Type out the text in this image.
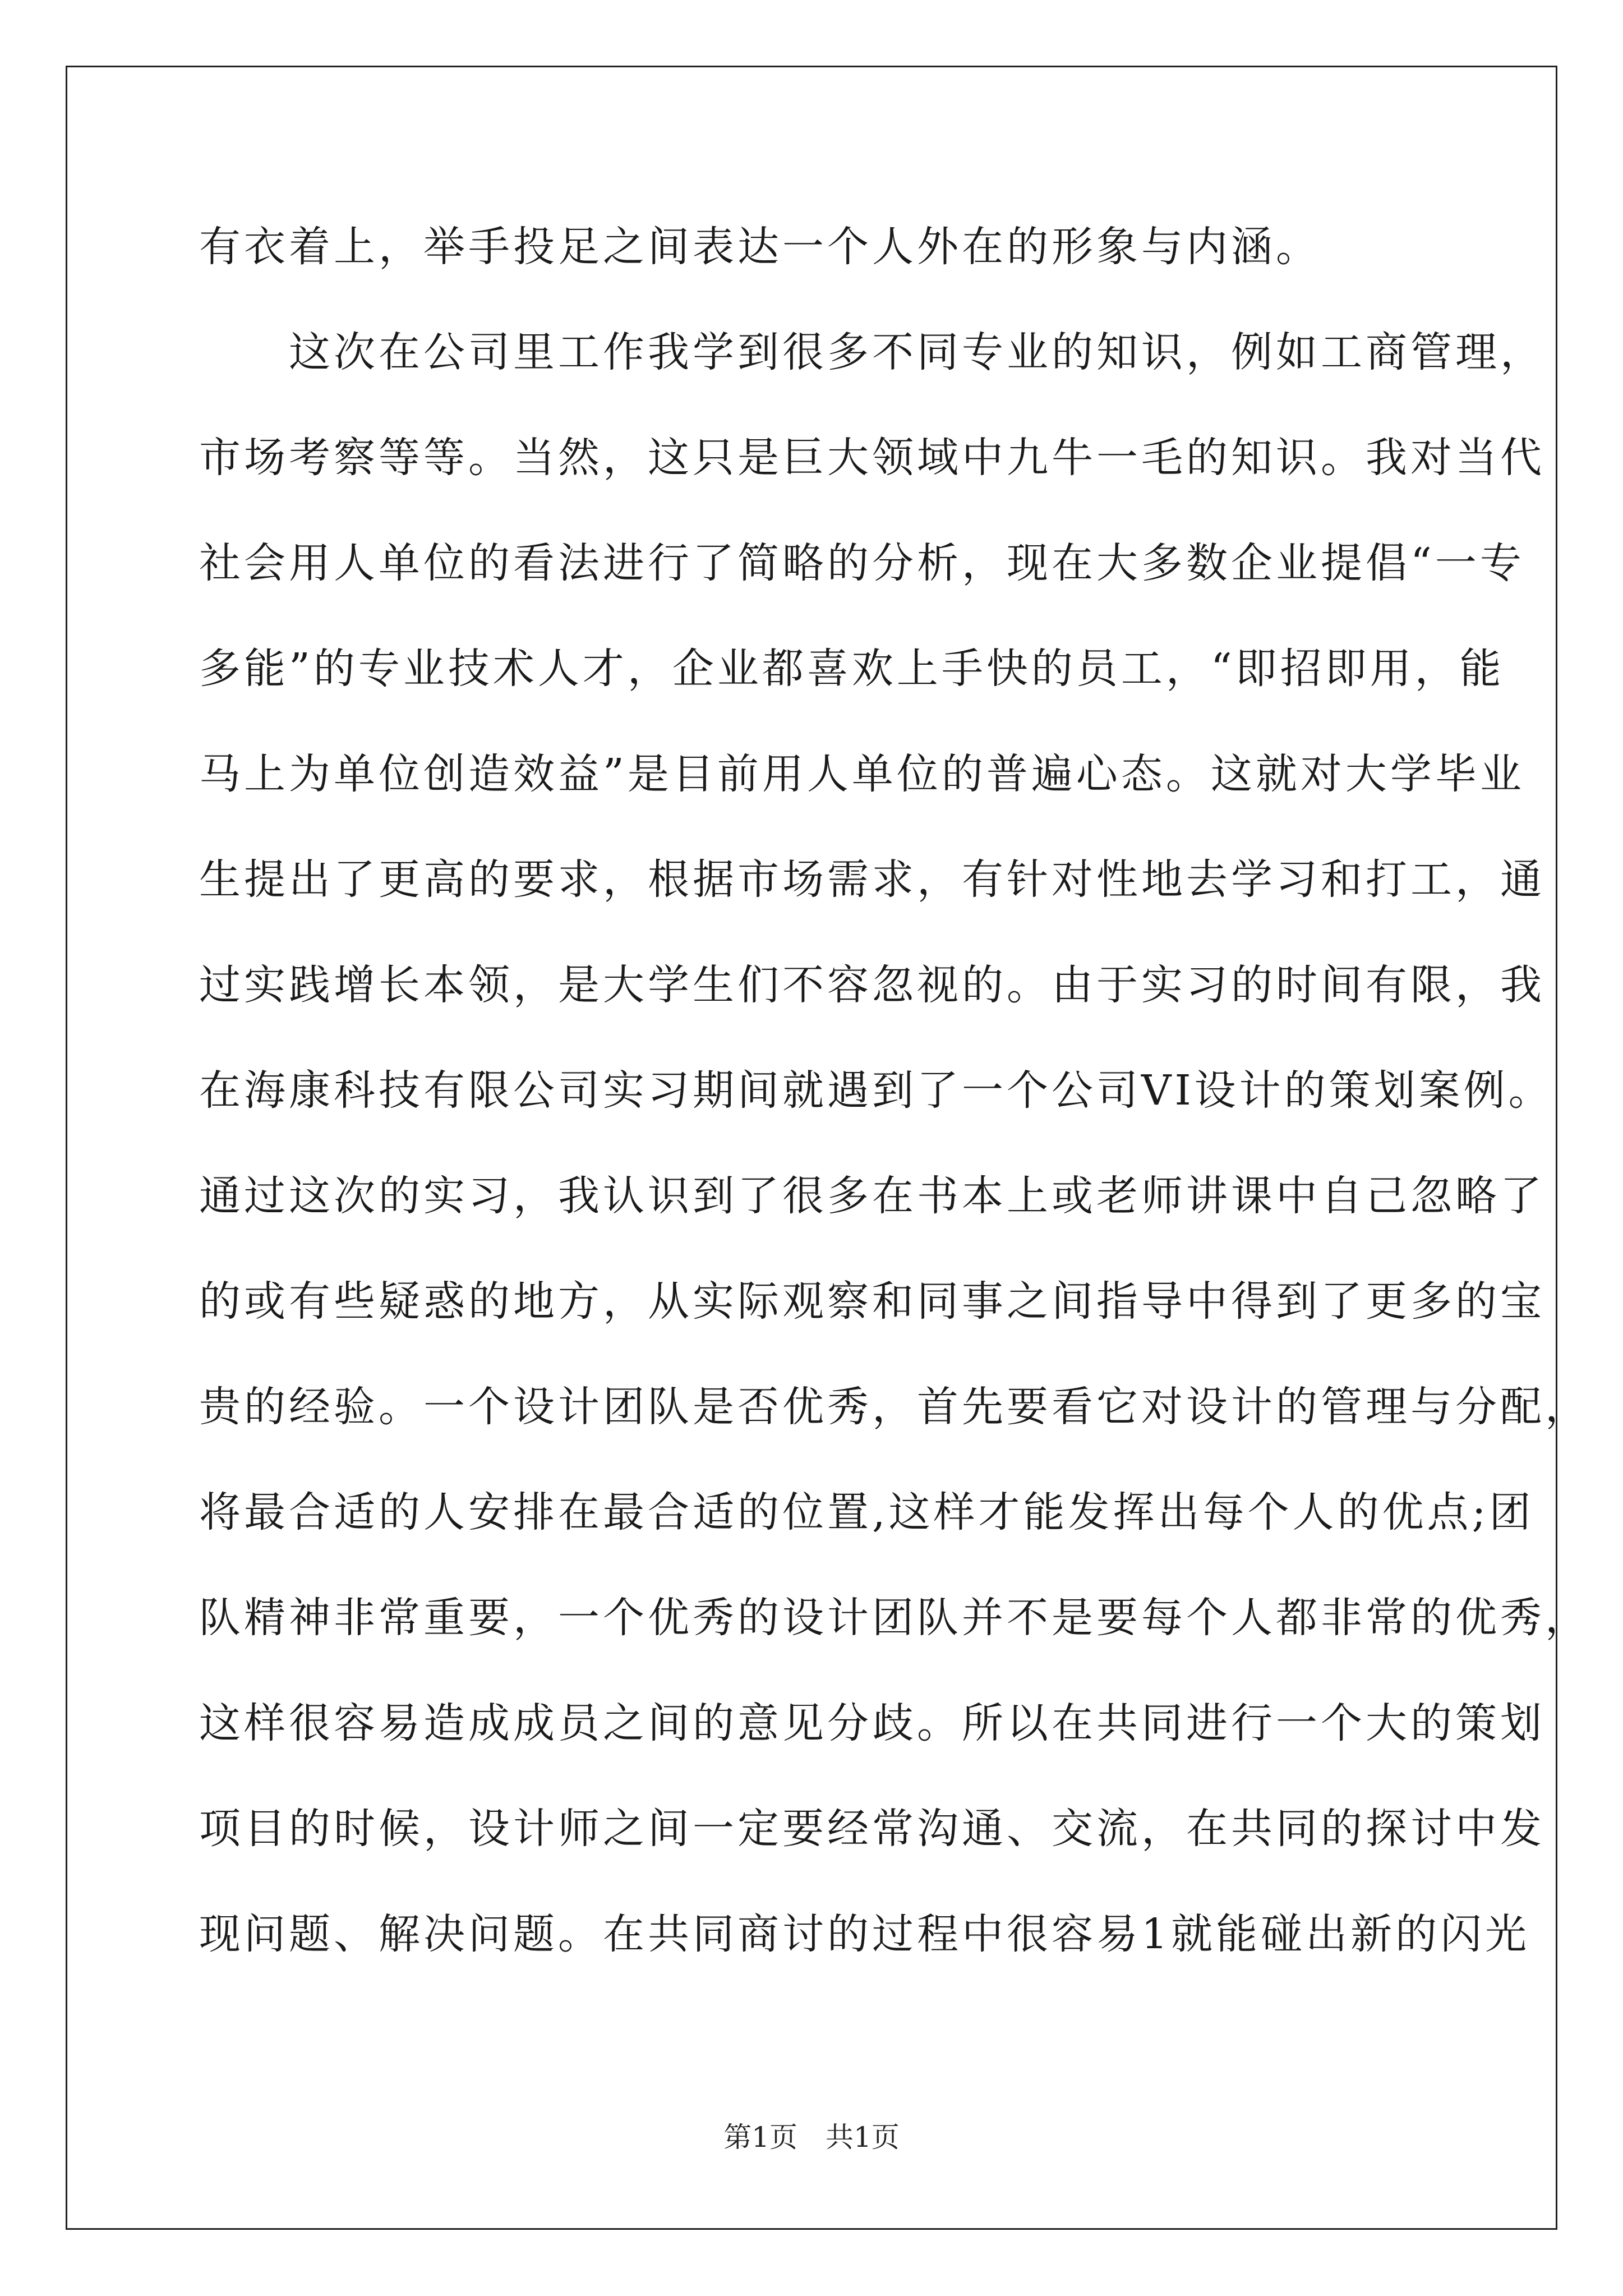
有衣着上，举手投足之间表达一个人外在的形象与内涵。
　　这次在公司里工作我学到很多不同专业的知识，例如工商管理，
市场考察等等。当然，这只是巨大领域中九牛一毛的知识。我对当代
社会用人单位的看法进行了简略的分析，现在大多数企业提倡“一专
多能”的专业技术人才，企业都喜欢上手快的员工，“即招即用，能
马上为单位创造效益”是目前用人单位的普遍心态。这就对大学毕业
生提出了更高的要求，根据市场需求，有针对性地去学习和打工，通
过实践增长本领，是大学生们不容忽视的。由于实习的时间有限，我
在海康科技有限公司实习期间就遇到了一个公司VI设计的策划案例。
通过这次的实习，我认识到了很多在书本上或老师讲课中自己忽略了
的或有些疑惑的地方，从实际观察和同事之间指导中得到了更多的宝
贵的经验。一个设计团队是否优秀，首先要看它对设计的管理与分配，
将最合适的人安排在最合适的位置,这样才能发挥出每个人的优点;团
队精神非常重要，一个优秀的设计团队并不是要每个人都非常的优秀，
这样很容易造成成员之间的意见分歧。所以在共同进行一个大的策划
项目的时候，设计师之间一定要经常沟通、交流，在共同的探讨中发
现问题、解决问题。在共同商讨的过程中很容易1就能碰出新的闪光
第1页　共1页
